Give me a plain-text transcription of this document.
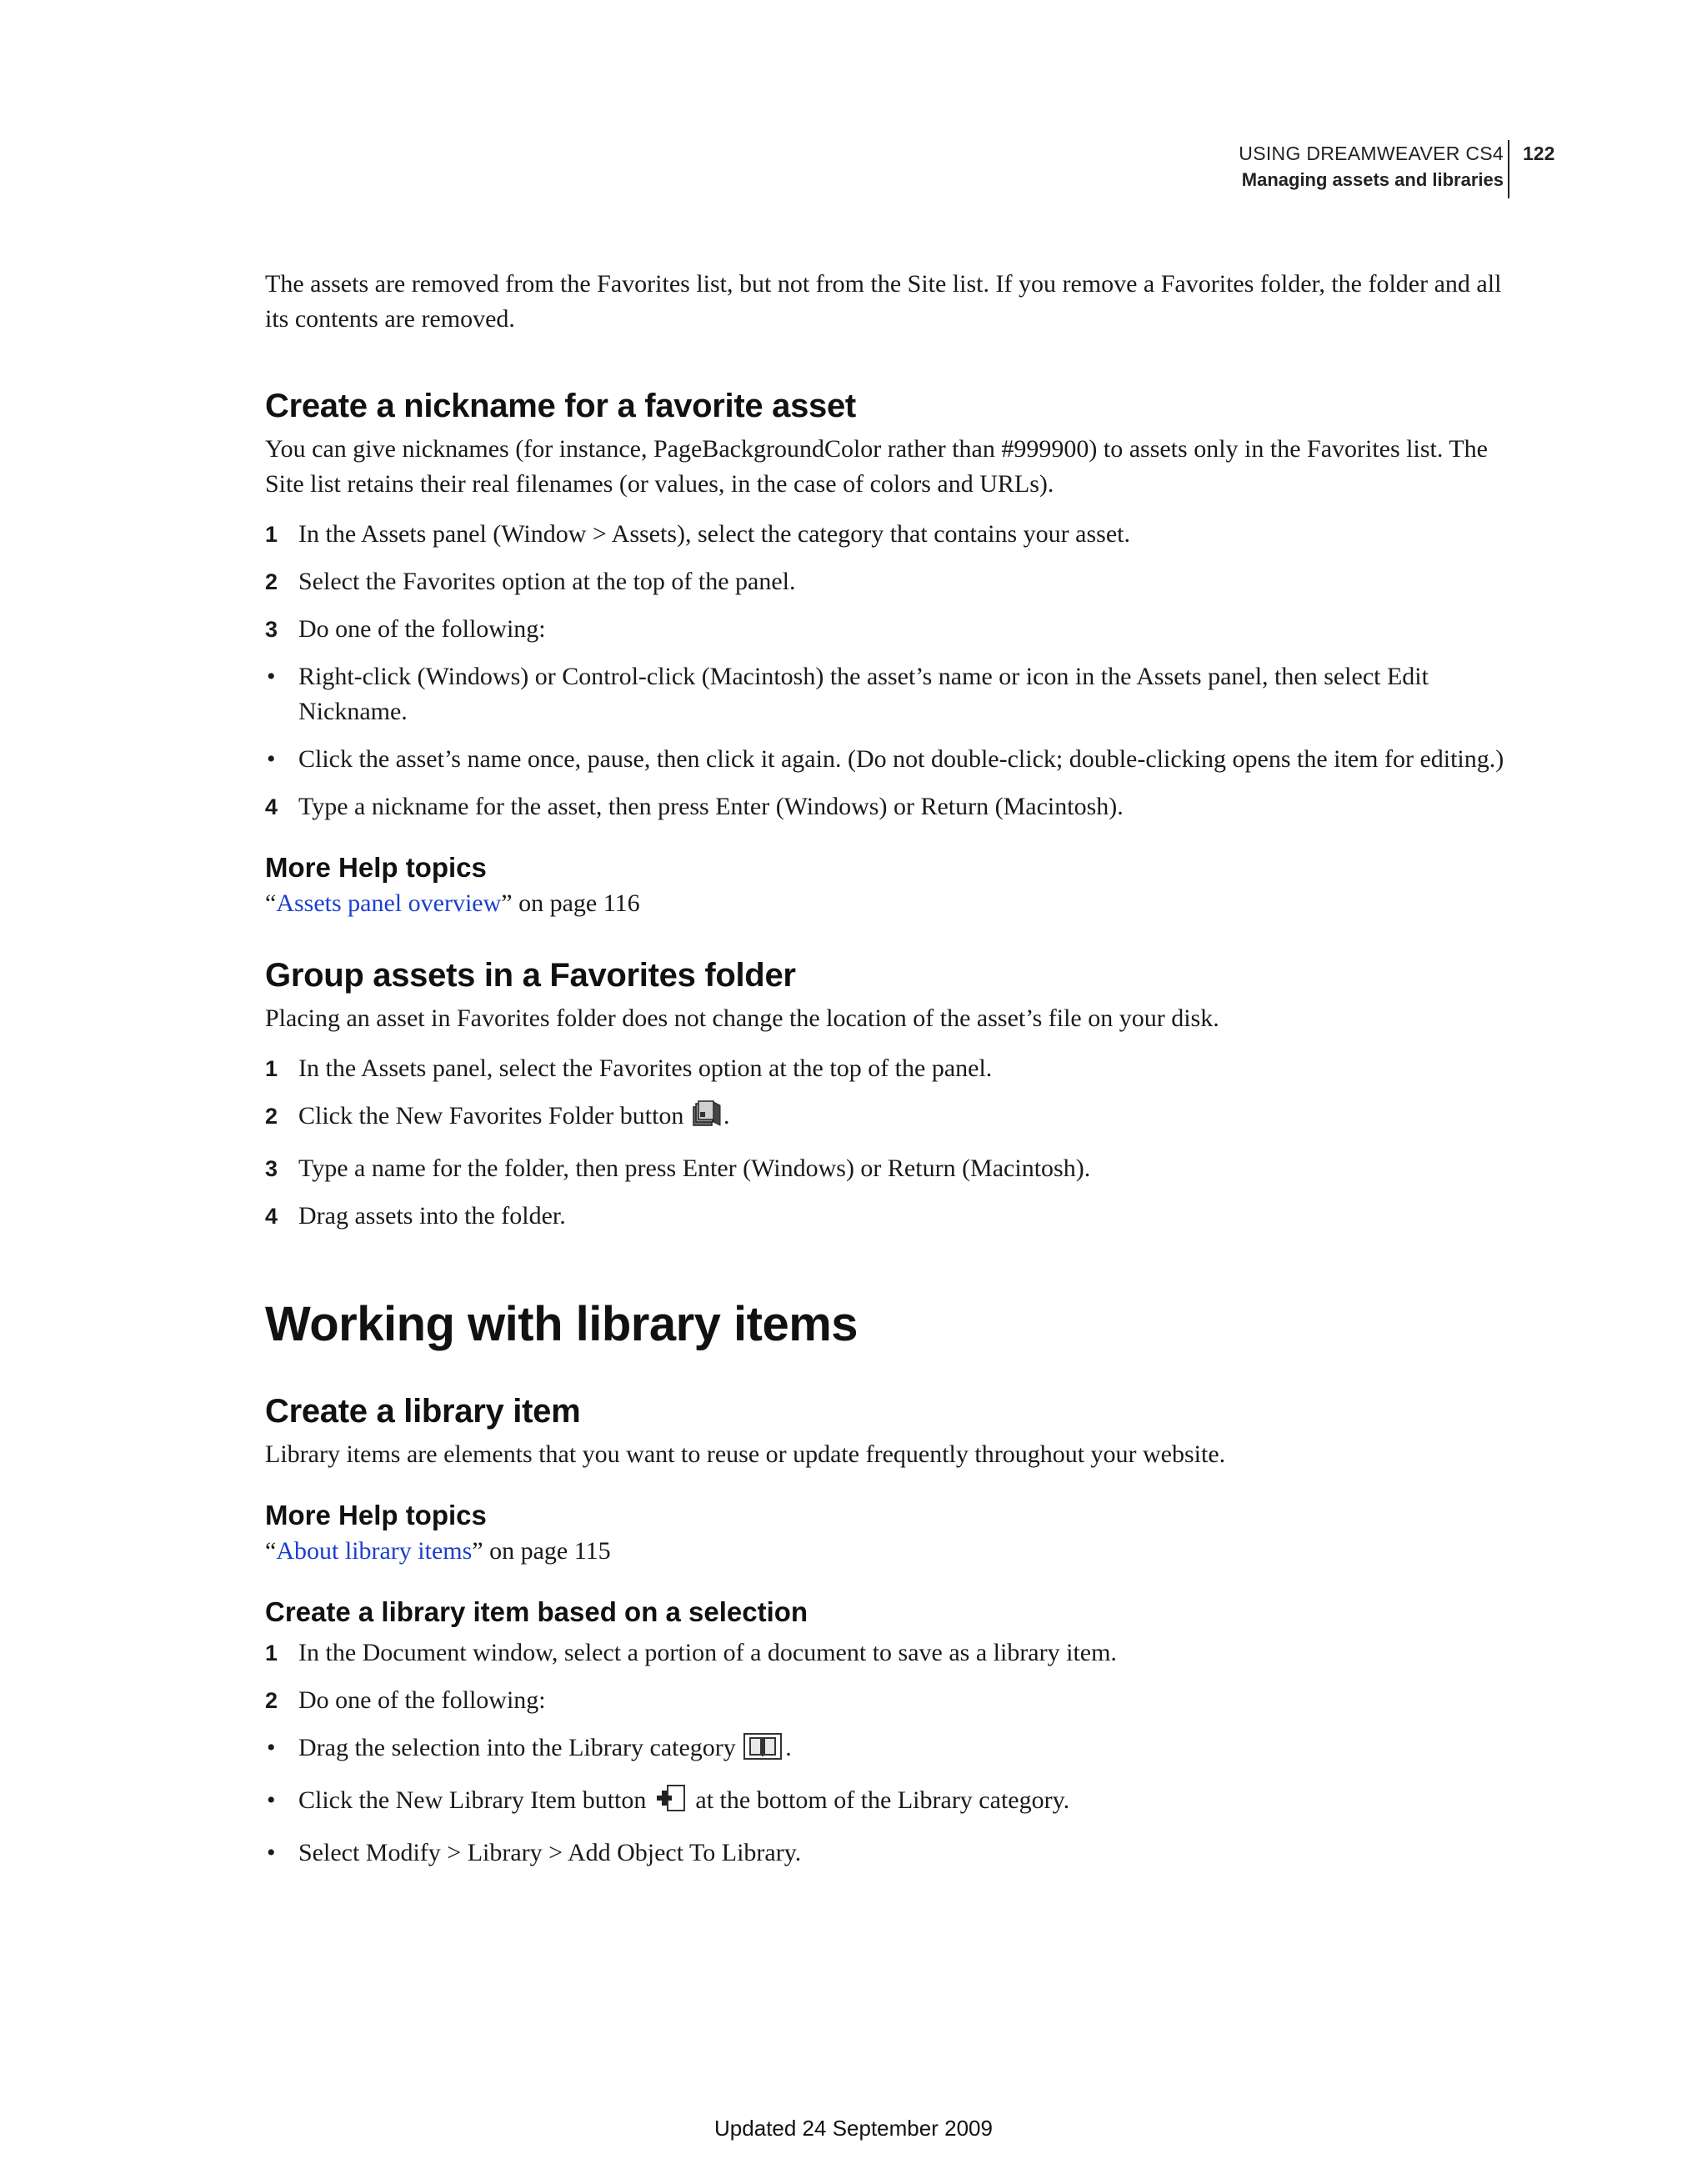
USING DREAMWEAVER CS4
Managing assets and libraries
122

The assets are removed from the Favorites list, but not from the Site list. If you remove a Favorites folder, the folder and all its contents are removed.

Create a nickname for a favorite asset

You can give nicknames (for instance, PageBackgroundColor rather than #999900) to assets only in the Favorites list. The Site list retains their real filenames (or values, in the case of colors and URLs).

1 In the Assets panel (Window > Assets), select the category that contains your asset.
2 Select the Favorites option at the top of the panel.
3 Do one of the following:
• Right-click (Windows) or Control-click (Macintosh) the asset’s name or icon in the Assets panel, then select Edit Nickname.
• Click the asset’s name once, pause, then click it again. (Do not double-click; double-clicking opens the item for editing.)
4 Type a nickname for the asset, then press Enter (Windows) or Return (Macintosh).
More Help topics

“Assets panel overview” on page 116

Group assets in a Favorites folder

Placing an asset in Favorites folder does not change the location of the asset’s file on your disk.

1 In the Assets panel, select the Favorites option at the top of the panel.
2 Click the New Favorites Folder button .
3 Type a name for the folder, then press Enter (Windows) or Return (Macintosh).
4 Drag assets into the folder.
Working with library items
Create a library item

Library items are elements that you want to reuse or update frequently throughout your website.

More Help topics

“About library items” on page 115

Create a library item based on a selection
1 In the Document window, select a portion of a document to save as a library item.
2 Do one of the following:
• Drag the selection into the Library category .
• Click the New Library Item button  at the bottom of the Library category.
• Select Modify > Library > Add Object To Library.
Updated 24 September 2009
